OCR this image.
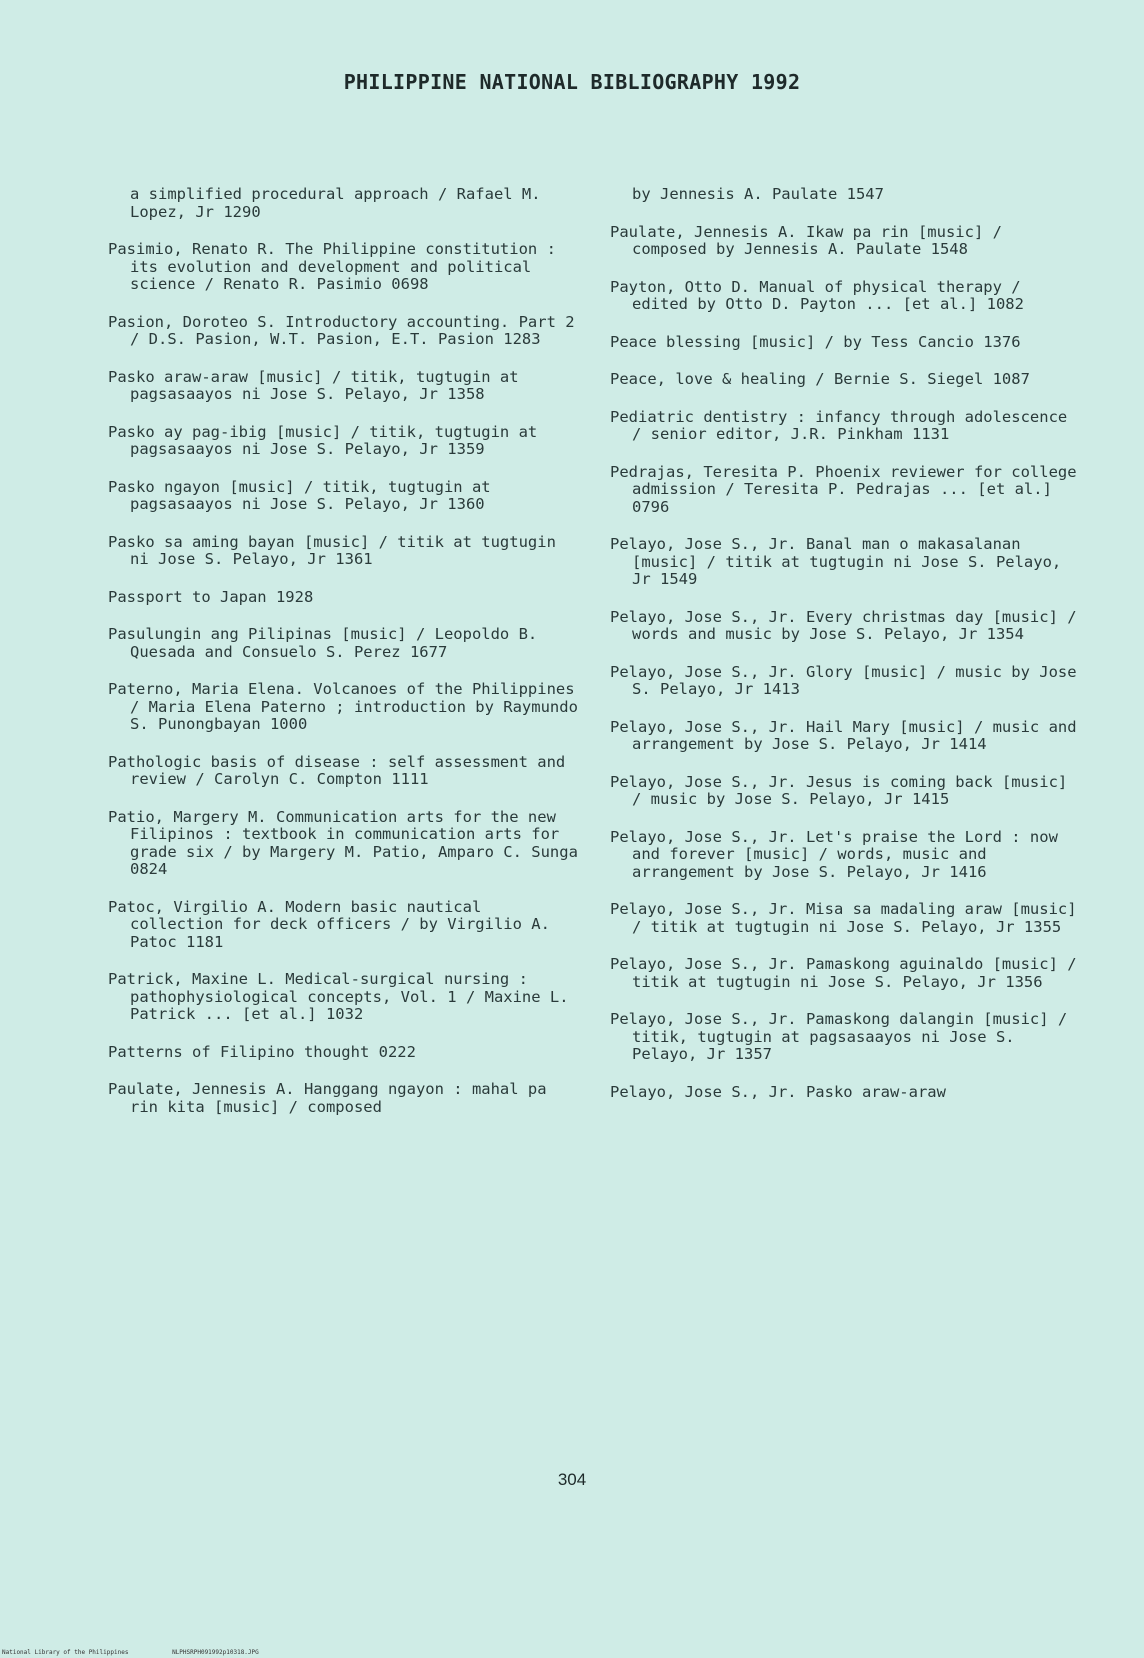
PHILIPPINE NATIONAL BIBLIOGRAPHY 1992
a simplified procedural approach / Rafael M. Lopez, Jr 1290
Pasimio, Renato R. The Philippine constitution : its evolution and development and political science / Renato R. Pasimio 0698
Pasion, Doroteo S. Introductory accounting. Part 2 / D.S. Pasion, W.T. Pasion, E.T. Pasion 1283
Pasko araw-araw [music] / titik, tugtugin at pagsasaayos ni Jose S. Pelayo, Jr 1358
Pasko ay pag-ibig [music] / titik, tugtugin at pagsasaayos ni Jose S. Pelayo, Jr 1359
Pasko ngayon [music] / titik, tugtugin at pagsasaayos ni Jose S. Pelayo, Jr 1360
Pasko sa aming bayan [music] / titik at tugtugin ni Jose S. Pelayo, Jr 1361
Passport to Japan 1928
Pasulungin ang Pilipinas [music] / Leopoldo B. Quesada and Consuelo S. Perez 1677
Paterno, Maria Elena. Volcanoes of the Philippines / Maria Elena Paterno ; introduction by Raymundo S. Punongbayan 1000
Pathologic basis of disease : self assessment and review / Carolyn C. Compton 1111
Patio, Margery M. Communication arts for the new Filipinos : textbook in communication arts for grade six / by Margery M. Patio, Amparo C. Sunga 0824
Patoc, Virgilio A. Modern basic nautical collection for deck officers / by Virgilio A. Patoc 1181
Patrick, Maxine L. Medical-surgical nursing : pathophysiological concepts, Vol. 1 / Maxine L. Patrick ... [et al.] 1032
Patterns of Filipino thought 0222
Paulate, Jennesis A. Hanggang ngayon : mahal pa rin kita [music] / composed
by Jennesis A. Paulate 1547
Paulate, Jennesis A. Ikaw pa rin [music] / composed by Jennesis A. Paulate 1548
Payton, Otto D. Manual of physical therapy / edited by Otto D. Payton ... [et al.] 1082
Peace blessing [music] / by Tess Cancio 1376
Peace, love & healing / Bernie S. Siegel 1087
Pediatric dentistry : infancy through adolescence / senior editor, J.R. Pinkham 1131
Pedrajas, Teresita P. Phoenix reviewer for college admission / Teresita P. Pedrajas ... [et al.] 0796
Pelayo, Jose S., Jr. Banal man o makasalanan [music] / titik at tugtugin ni Jose S. Pelayo, Jr 1549
Pelayo, Jose S., Jr. Every christmas day [music] / words and music by Jose S. Pelayo, Jr 1354
Pelayo, Jose S., Jr. Glory [music] / music by Jose S. Pelayo, Jr 1413
Pelayo, Jose S., Jr. Hail Mary [music] / music and arrangement by Jose S. Pelayo, Jr 1414
Pelayo, Jose S., Jr. Jesus is coming back [music] / music by Jose S. Pelayo, Jr 1415
Pelayo, Jose S., Jr. Let's praise the Lord : now and forever [music] / words, music and arrangement by Jose S. Pelayo, Jr 1416
Pelayo, Jose S., Jr. Misa sa madaling araw [music] / titik at tugtugin ni Jose S. Pelayo, Jr 1355
Pelayo, Jose S., Jr. Pamaskong aguinaldo [music] / titik at tugtugin ni Jose S. Pelayo, Jr 1356
Pelayo, Jose S., Jr. Pamaskong dalangin [music] / titik, tugtugin at pagsasaayos ni Jose S. Pelayo, Jr 1357
Pelayo, Jose S., Jr. Pasko araw-araw
304
National Library of the Philippines	NLPHSRPH091992p10318.JPG
